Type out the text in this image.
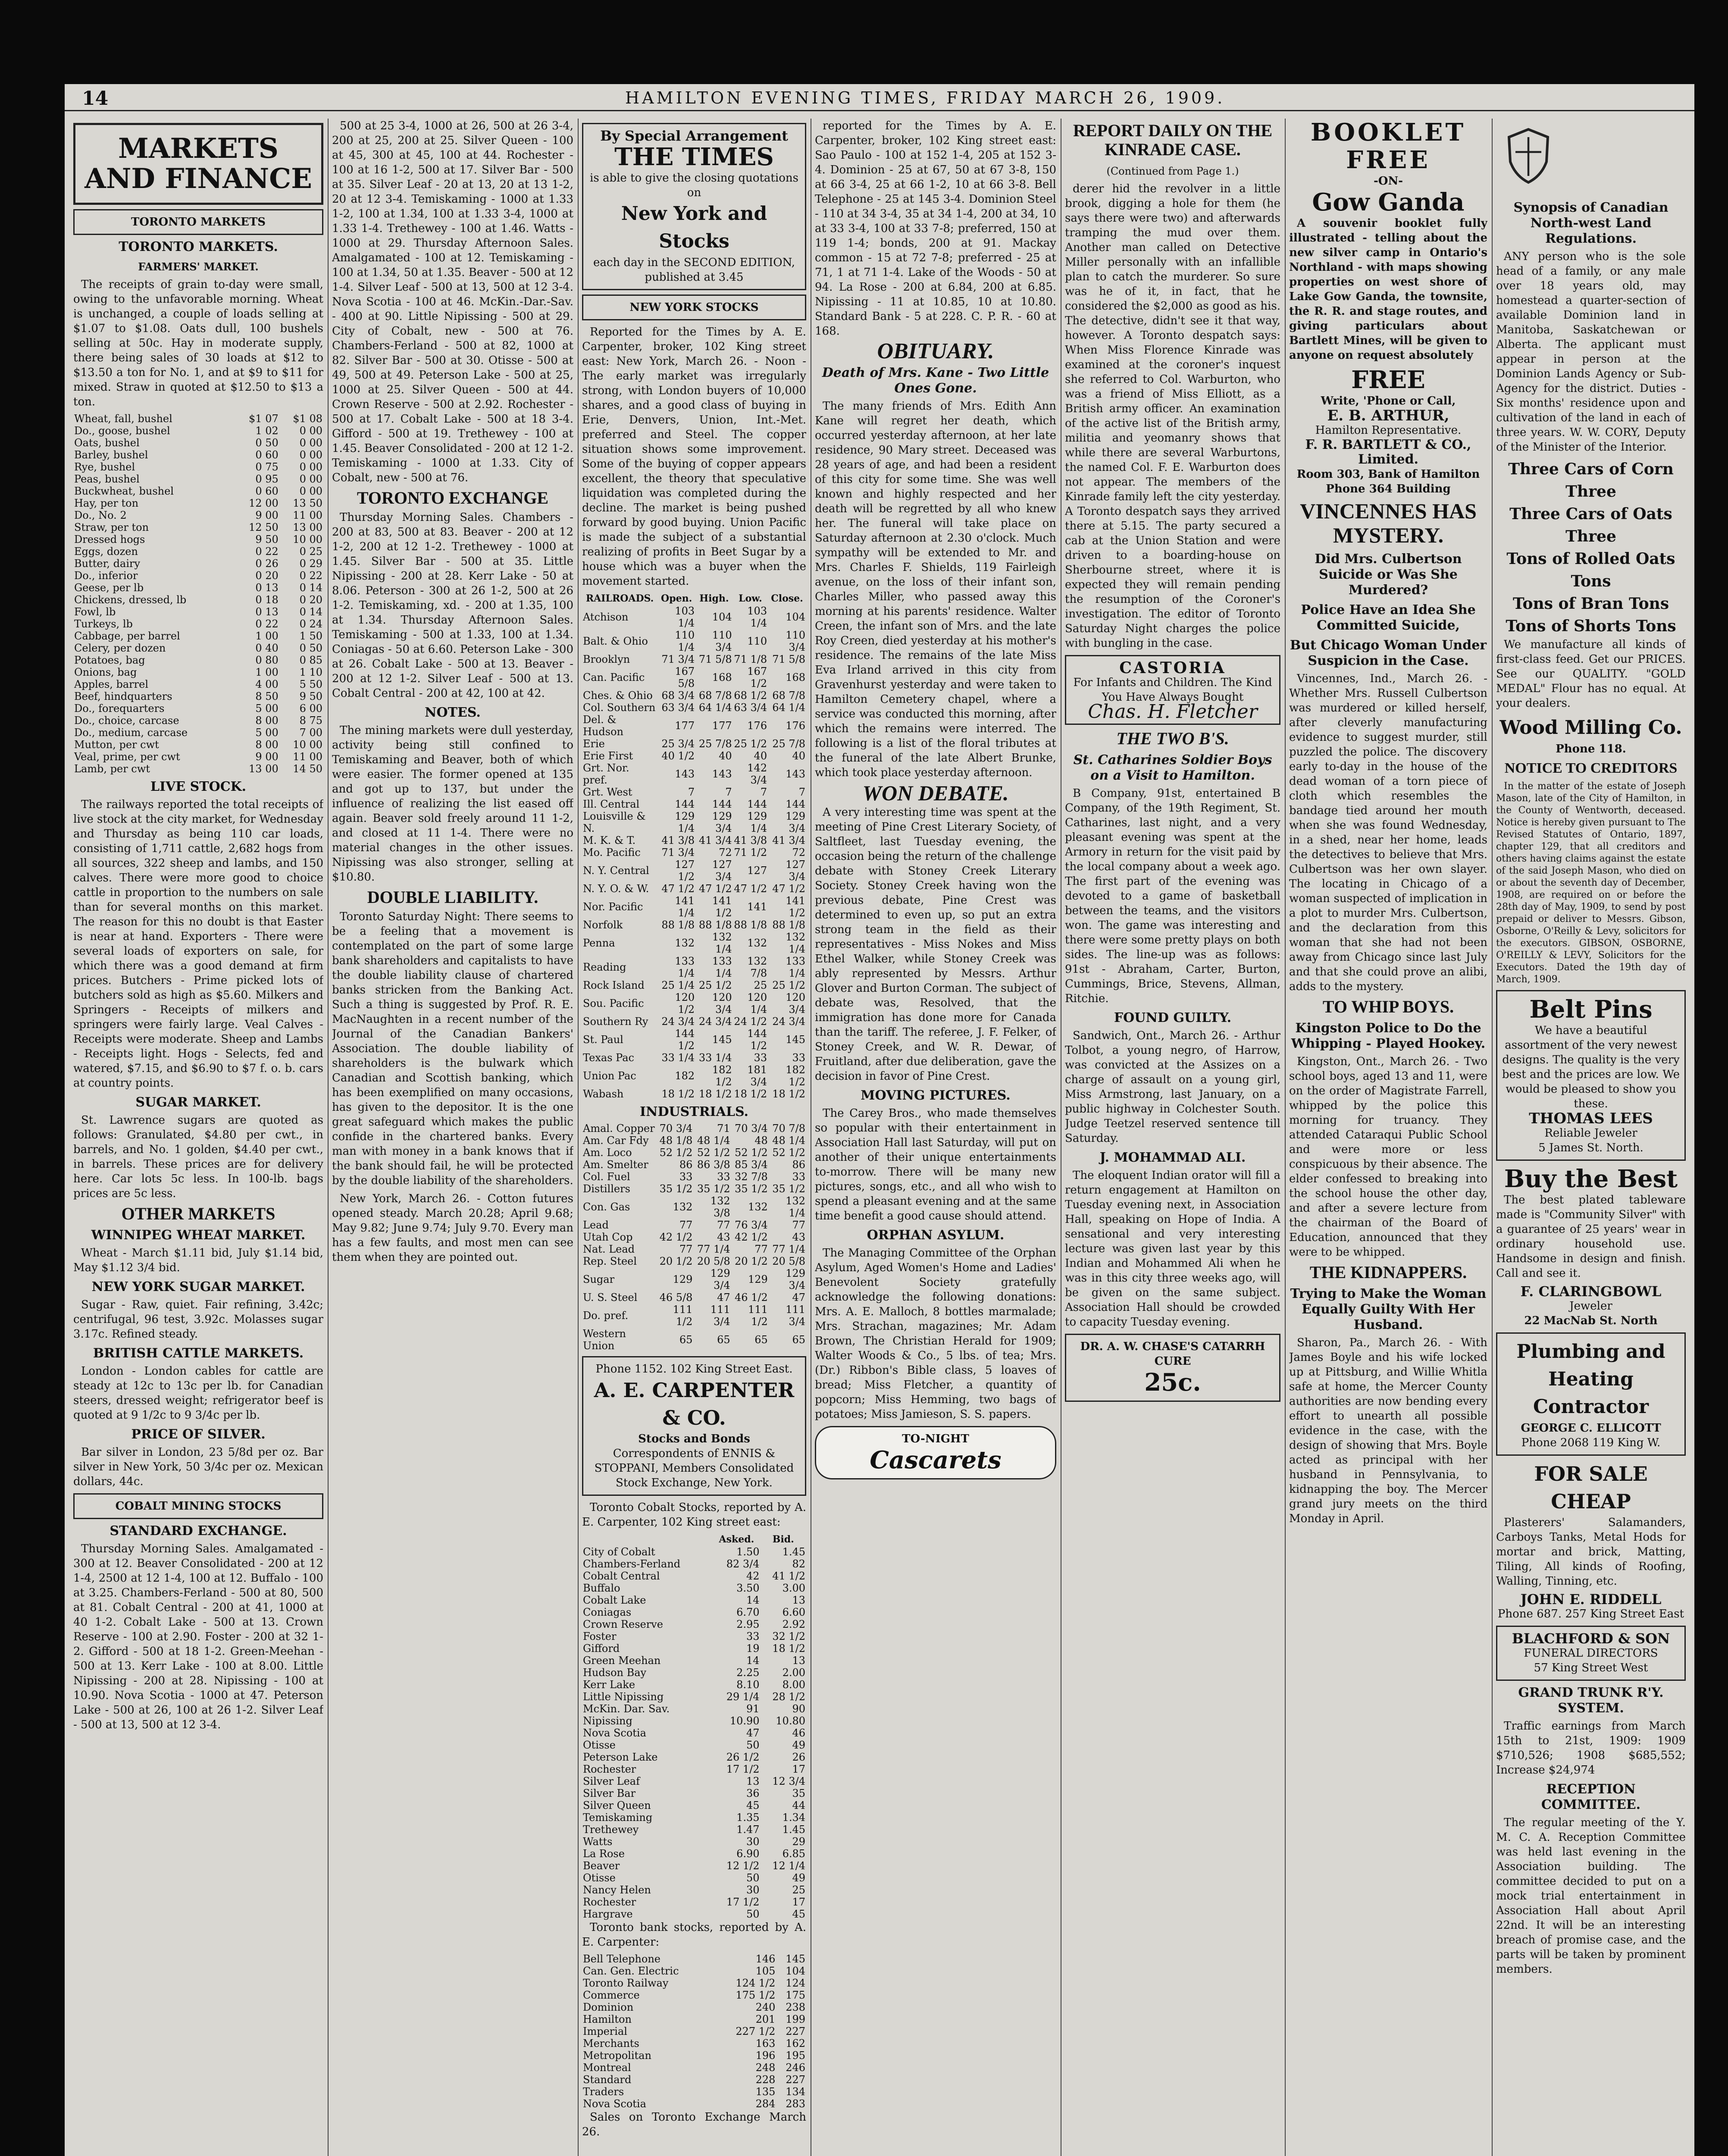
14	HAMILTON EVENING TIMES, FRIDAY MARCH 26, 1909.
MARKETS
AND FINANCE
TORONTO MARKETS
TORONTO MARKETS.
FARMERS' MARKET.

The receipts of grain to-day were small, owing to the unfavorable morning. Wheat is unchanged, a couple of loads selling at $1.07 to $1.08. Oats dull, 100 bushels selling at 50c. Hay in moderate supply, there being sales of 30 loads at $12 to $13.50 a ton for No. 1, and at $9 to $11 for mixed. Straw in quoted at $12.50 to $13 a ton.

Wheat, fall, bushel	$1 07	$1 08
Do., goose, bushel	1 02	0 00
Oats, bushel	0 50	0 00
Barley, bushel	0 60	0 00
Rye, bushel	0 75	0 00
Peas, bushel	0 95	0 00
Buckwheat, bushel	0 60	0 00
Hay, per ton	12 00	13 50
Do., No. 2	9 00	11 00
Straw, per ton	12 50	13 00
Dressed hogs	9 50	10 00
Eggs, dozen	0 22	0 25
Butter, dairy	0 26	0 29
Do., inferior	0 20	0 22
Geese, per lb	0 13	0 14
Chickens, dressed, lb	0 18	0 20
Fowl, lb	0 13	0 14
Turkeys, lb	0 22	0 24
Cabbage, per barrel	1 00	1 50
Celery, per dozen	0 40	0 50
Potatoes, bag	0 80	0 85
Onions, bag	1 00	1 10
Apples, barrel	4 00	5 50
Beef, hindquarters	8 50	9 50
Do., forequarters	5 00	6 00
Do., choice, carcase	8 00	8 75
Do., medium, carcase	5 00	7 00
Mutton, per cwt	8 00	10 00
Veal, prime, per cwt	9 00	11 00
Lamb, per cwt	13 00	14 50
LIVE STOCK.

The railways reported the total receipts of live stock at the city market, for Wednesday and Thursday as being 110 car loads, consisting of 1,711 cattle, 2,682 hogs from all sources, 322 sheep and lambs, and 150 calves. There were more good to choice cattle in proportion to the numbers on sale than for several months on this market. The reason for this no doubt is that Easter is near at hand. Exporters - There were several loads of exporters on sale, for which there was a good demand at firm prices. Butchers - Prime picked lots of butchers sold as high as $5.60. Milkers and Springers - Receipts of milkers and springers were fairly large. Veal Calves - Receipts were moderate. Sheep and Lambs - Receipts light. Hogs - Selects, fed and watered, $7.15, and $6.90 to $7 f. o. b. cars at country points.

SUGAR MARKET.

St. Lawrence sugars are quoted as follows: Granulated, $4.80 per cwt., in barrels, and No. 1 golden, $4.40 per cwt., in barrels. These prices are for delivery here. Car lots 5c less. In 100-lb. bags prices are 5c less.

OTHER MARKETS
WINNIPEG WHEAT MARKET.

Wheat - March $1.11 bid, July $1.14 bid, May $1.12 3/4 bid.

NEW YORK SUGAR MARKET.

Sugar - Raw, quiet. Fair refining, 3.42c; centrifugal, 96 test, 3.92c. Molasses sugar 3.17c. Refined steady.

BRITISH CATTLE MARKETS.

London - London cables for cattle are steady at 12c to 13c per lb. for Canadian steers, dressed weight; refrigerator beef is quoted at 9 1/2c to 9 3/4c per lb.

PRICE OF SILVER.

Bar silver in London, 23 5/8d per oz. Bar silver in New York, 50 3/4c per oz. Mexican dollars, 44c.

COBALT MINING STOCKS
STANDARD EXCHANGE.

Thursday Morning Sales. Amalgamated - 300 at 12. Beaver Consolidated - 200 at 12 1-4, 2500 at 12 1-4, 100 at 12. Buffalo - 100 at 3.25. Chambers-Ferland - 500 at 80, 500 at 81. Cobalt Central - 200 at 41, 1000 at 40 1-2. Cobalt Lake - 500 at 13. Crown Reserve - 100 at 2.90. Foster - 200 at 32 1-2. Gifford - 500 at 18 1-2. Green-Meehan - 500 at 13. Kerr Lake - 100 at 8.00. Little Nipissing - 200 at 28. Nipissing - 100 at 10.90. Nova Scotia - 1000 at 47. Peterson Lake - 500 at 26, 100 at 26 1-2. Silver Leaf - 500 at 13, 500 at 12 3-4.

500 at 25 3-4, 1000 at 26, 500 at 26 3-4, 200 at 25, 200 at 25. Silver Queen - 100 at 45, 300 at 45, 100 at 44. Rochester - 100 at 16 1-2, 500 at 17. Silver Bar - 500 at 35. Silver Leaf - 20 at 13, 20 at 13 1-2, 20 at 12 3-4. Temiskaming - 1000 at 1.33 1-2, 100 at 1.34, 100 at 1.33 3-4, 1000 at 1.33 1-4. Trethewey - 100 at 1.46. Watts - 1000 at 29. Thursday Afternoon Sales. Amalgamated - 100 at 12. Temiskaming - 100 at 1.34, 50 at 1.35. Beaver - 500 at 12 1-4. Silver Leaf - 500 at 13, 500 at 12 3-4. Nova Scotia - 100 at 46. McKin.-Dar.-Sav. - 400 at 90. Little Nipissing - 500 at 29. City of Cobalt, new - 500 at 76. Chambers-Ferland - 500 at 82, 1000 at 82. Silver Bar - 500 at 30. Otisse - 500 at 49, 500 at 49. Peterson Lake - 500 at 25, 1000 at 25. Silver Queen - 500 at 44. Crown Reserve - 500 at 2.92. Rochester - 500 at 17. Cobalt Lake - 500 at 18 3-4. Gifford - 500 at 19. Trethewey - 100 at 1.45. Beaver Consolidated - 200 at 12 1-2. Temiskaming - 1000 at 1.33. City of Cobalt, new - 500 at 76.

TORONTO EXCHANGE

Thursday Morning Sales. Chambers - 200 at 83, 500 at 83. Beaver - 200 at 12 1-2, 200 at 12 1-2. Trethewey - 1000 at 1.45. Silver Bar - 500 at 35. Little Nipissing - 200 at 28. Kerr Lake - 50 at 8.06. Peterson - 300 at 26 1-2, 500 at 26 1-2. Temiskaming, xd. - 200 at 1.35, 100 at 1.34. Thursday Afternoon Sales. Temiskaming - 500 at 1.33, 100 at 1.34. Coniagas - 50 at 6.60. Peterson Lake - 300 at 26. Cobalt Lake - 500 at 13. Beaver - 200 at 12 1-2. Silver Leaf - 500 at 13. Cobalt Central - 200 at 42, 100 at 42.

NOTES.

The mining markets were dull yesterday, activity being still confined to Temiskaming and Beaver, both of which were easier. The former opened at 135 and got up to 137, but under the influence of realizing the list eased off again. Beaver sold freely around 11 1-2, and closed at 11 1-4. There were no material changes in the other issues. Nipissing was also stronger, selling at $10.80.

DOUBLE LIABILITY.

Toronto Saturday Night: There seems to be a feeling that a movement is contemplated on the part of some large bank shareholders and capitalists to have the double liability clause of chartered banks stricken from the Banking Act. Such a thing is suggested by Prof. R. E. MacNaughten in a recent number of the Journal of the Canadian Bankers' Association. The double liability of shareholders is the bulwark which Canadian and Scottish banking, which has been exemplified on many occasions, has given to the depositor. It is the one great safeguard which makes the public confide in the chartered banks. Every man with money in a bank knows that if the bank should fail, he will be protected by the double liability of the shareholders.

New York, March 26. - Cotton futures opened steady. March 20.28; April 9.68; May 9.82; June 9.74; July 9.70. Every man has a few faults, and most men can see them when they are pointed out.

By Special Arrangement
THE TIMES
is able to give the closing quotations on
New York and Stocks
each day in the SECOND EDITION, published at 3.45
NEW YORK STOCKS

Reported for the Times by A. E. Carpenter, broker, 102 King street east: New York, March 26. - Noon - The early market was irregularly strong, with London buyers of 10,000 shares, and a good class of buying in Erie, Denvers, Union, Int.-Met. preferred and Steel. The copper situation shows some improvement. Some of the buying of copper appears excellent, the theory that speculative liquidation was completed during the decline. The market is being pushed forward by good buying. Union Pacific is made the subject of a substantial realizing of profits in Beet Sugar by a house which was a buyer when the movement started.

RAILROADS.	Open.	High.	Low.	Close.
Atchison	103 1/4	104	103 1/4	104
Balt. & Ohio	110 1/4	110 3/4	110	110 3/4
Brooklyn	71 3/4	71 5/8	71 1/8	71 5/8
Can. Pacific	167 5/8	168	167 1/2	168
Ches. & Ohio	68 3/4	68 7/8	68 1/2	68 7/8
Col. Southern	63 3/4	64 1/4	63 3/4	64 1/4
Del. & Hudson	177	177	176	176
Erie	25 3/4	25 7/8	25 1/2	25 7/8
Erie First	40 1/2	40	40	40
Grt. Nor. pref.	143	143	142 3/4	143
Grt. West	7	7	7	7
Ill. Central	144	144	144	144
Louisville & N.	129 1/4	129 3/4	129 1/4	129 3/4
M. K. & T.	41 3/8	41 3/4	41 3/8	41 3/4
Mo. Pacific	71 3/4	72	71 1/2	72
N. Y. Central	127 1/2	127 3/4	127	127 3/4
N. Y. O. & W.	47 1/2	47 1/2	47 1/2	47 1/2
Nor. Pacific	141 1/4	141 1/2	141	141 1/2
Norfolk	88 1/8	88 1/8	88 1/8	88 1/8
Penna	132	132 1/4	132	132 1/4
Reading	133 1/4	133 1/4	132 7/8	133 1/4
Rock Island	25 1/4	25 1/2	25	25 1/2
Sou. Pacific	120 1/2	120 3/4	120 1/4	120 3/4
Southern Ry	24 3/4	24 3/4	24 1/2	24 3/4
St. Paul	144 1/2	145	144 1/2	145
Texas Pac	33 1/4	33 1/4	33	33
Union Pac	182	182 1/2	181 3/4	182 1/2
Wabash	18 1/2	18 1/2	18 1/2	18 1/2
INDUSTRIALS.
Amal. Copper	70 3/4	71	70 3/4	70 7/8
Am. Car Fdy	48 1/8	48 1/4	48	48 1/4
Am. Loco	52 1/2	52 1/2	52 1/2	52 1/2
Am. Smelter	86	86 3/8	85 3/4	86
Col. Fuel	33	33	32 7/8	33
Distillers	35 1/2	35 1/2	35 1/2	35 1/2
Con. Gas	132	132 3/8	132	132 1/4
Lead	77	77	76 3/4	77
Utah Cop	42 1/2	43	42 1/2	43
Nat. Lead	77	77 1/4	77	77 1/4
Rep. Steel	20 1/2	20 5/8	20 1/2	20 5/8
Sugar	129	129 3/4	129	129 3/4
U. S. Steel	46 5/8	47	46 1/2	47
Do. pref.	111 1/2	111 3/4	111 1/2	111 3/4
Western Union	65	65	65	65
Phone 1152. 102 King Street East.
A. E. CARPENTER & CO.
Stocks and Bonds
Correspondents of ENNIS & STOPPANI, Members Consolidated Stock Exchange, New York.

Toronto Cobalt Stocks, reported by A. E. Carpenter, 102 King street east:

	Asked.	Bid.
City of Cobalt	1.50	1.45
Chambers-Ferland	82 3/4	82
Cobalt Central	42	41 1/2
Buffalo	3.50	3.00
Cobalt Lake	14	13
Coniagas	6.70	6.60
Crown Reserve	2.95	2.92
Foster	33	32 1/2
Gifford	19	18 1/2
Green Meehan	14	13
Hudson Bay	2.25	2.00
Kerr Lake	8.10	8.00
Little Nipissing	29 1/4	28 1/2
McKin. Dar. Sav.	91	90
Nipissing	10.90	10.80
Nova Scotia	47	46
Otisse	50	49
Peterson Lake	26 1/2	26
Rochester	17 1/2	17
Silver Leaf	13	12 3/4
Silver Bar	36	35
Silver Queen	45	44
Temiskaming	1.35	1.34
Trethewey	1.47	1.45
Watts	30	29
La Rose	6.90	6.85
Beaver	12 1/2	12 1/4
Otisse	50	49
Nancy Helen	30	25
Rochester	17 1/2	17
Hargrave	50	45

Toronto bank stocks, reported by A. E. Carpenter:

Bell Telephone	146	145
Can. Gen. Electric	105	104
Toronto Railway	124 1/2	124
Commerce	175 1/2	175
Dominion	240	238
Hamilton	201	199
Imperial	227 1/2	227
Merchants	163	162
Metropolitan	196	195
Montreal	248	246
Standard	228	227
Traders	135	134
Nova Scotia	284	283

Sales on Toronto Exchange March 26.

reported for the Times by A. E. Carpenter, broker, 102 King street east: Sao Paulo - 100 at 152 1-4, 205 at 152 3-4. Dominion - 25 at 67, 50 at 67 3-8, 150 at 66 3-4, 25 at 66 1-2, 10 at 66 3-8. Bell Telephone - 25 at 145 3-4. Dominion Steel - 110 at 34 3-4, 35 at 34 1-4, 200 at 34, 10 at 33 3-4, 100 at 33 7-8; preferred, 150 at 119 1-4; bonds, 200 at 91. Mackay common - 15 at 72 7-8; preferred - 25 at 71, 1 at 71 1-4. Lake of the Woods - 50 at 94. La Rose - 200 at 6.84, 200 at 6.85. Nipissing - 11 at 10.85, 10 at 10.80. Standard Bank - 5 at 228. C. P. R. - 60 at 168.

OBITUARY.
Death of Mrs. Kane - Two Little Ones Gone.

The many friends of Mrs. Edith Ann Kane will regret her death, which occurred yesterday afternoon, at her late residence, 90 Mary street. Deceased was 28 years of age, and had been a resident of this city for some time. She was well known and highly respected and her death will be regretted by all who knew her. The funeral will take place on Saturday afternoon at 2.30 o'clock. Much sympathy will be extended to Mr. and Mrs. Charles F. Shields, 119 Fairleigh avenue, on the loss of their infant son, Charles Miller, who passed away this morning at his parents' residence. Walter Creen, the infant son of Mrs. and the late Roy Creen, died yesterday at his mother's residence. The remains of the late Miss Eva Irland arrived in this city from Gravenhurst yesterday and were taken to Hamilton Cemetery chapel, where a service was conducted this morning, after which the remains were interred. The following is a list of the floral tributes at the funeral of the late Albert Brunke, which took place yesterday afternoon.

WON DEBATE.

A very interesting time was spent at the meeting of Pine Crest Literary Society, of Saltfleet, last Tuesday evening, the occasion being the return of the challenge debate with Stoney Creek Literary Society. Stoney Creek having won the previous debate, Pine Crest was determined to even up, so put an extra strong team in the field as their representatives - Miss Nokes and Miss Ethel Walker, while Stoney Creek was ably represented by Messrs. Arthur Glover and Burton Corman. The subject of debate was, Resolved, that the immigration has done more for Canada than the tariff. The referee, J. F. Felker, of Stoney Creek, and W. R. Dewar, of Fruitland, after due deliberation, gave the decision in favor of Pine Crest.

MOVING PICTURES.

The Carey Bros., who made themselves so popular with their entertainment in Association Hall last Saturday, will put on another of their unique entertainments to-morrow. There will be many new pictures, songs, etc., and all who wish to spend a pleasant evening and at the same time benefit a good cause should attend.

ORPHAN ASYLUM.

The Managing Committee of the Orphan Asylum, Aged Women's Home and Ladies' Benevolent Society gratefully acknowledge the following donations: Mrs. A. E. Malloch, 8 bottles marmalade; Mrs. Strachan, magazines; Mr. Adam Brown, The Christian Herald for 1909; Walter Woods & Co., 5 lbs. of tea; Mrs. (Dr.) Ribbon's Bible class, 5 loaves of bread; Miss Fletcher, a quantity of popcorn; Miss Hemming, two bags of potatoes; Miss Jamieson, S. S. papers.

TO-NIGHT
Cascarets
REPORT DAILY ON THE KINRADE CASE.
(Continued from Page 1.)

derer hid the revolver in a little brook, digging a hole for them (he says there were two) and afterwards tramping the mud over them. Another man called on Detective Miller personally with an infallible plan to catch the murderer. So sure was he of it, in fact, that he considered the $2,000 as good as his. The detective, didn't see it that way, however. A Toronto despatch says: When Miss Florence Kinrade was examined at the coroner's inquest she referred to Col. Warburton, who was a friend of Miss Elliott, as a British army officer. An examination of the active list of the British army, militia and yeomanry shows that while there are several Warburtons, the named Col. F. E. Warburton does not appear. The members of the Kinrade family left the city yesterday. A Toronto despatch says they arrived there at 5.15. The party secured a cab at the Union Station and were driven to a boarding-house on Sherbourne street, where it is expected they will remain pending the resumption of the Coroner's investigation. The editor of Toronto Saturday Night charges the police with bungling in the case.

CASTORIA
For Infants and Children. The Kind You Have Always Bought
Chas. H. Fletcher
THE TWO B'S.
St. Catharines Soldier Boys on a Visit to Hamilton.

B Company, 91st, entertained B Company, of the 19th Regiment, St. Catharines, last night, and a very pleasant evening was spent at the Armory in return for the visit paid by the local company about a week ago. The first part of the evening was devoted to a game of basketball between the teams, and the visitors won. The game was interesting and there were some pretty plays on both sides. The line-up was as follows: 91st - Abraham, Carter, Burton, Cummings, Brice, Stevens, Allman, Ritchie.

FOUND GUILTY.

Sandwich, Ont., March 26. - Arthur Tolbot, a young negro, of Harrow, was convicted at the Assizes on a charge of assault on a young girl, Miss Armstrong, last January, on a public highway in Colchester South. Judge Teetzel reserved sentence till Saturday.

J. MOHAMMAD ALI.

The eloquent Indian orator will fill a return engagement at Hamilton on Tuesday evening next, in Association Hall, speaking on Hope of India. A sensational and very interesting lecture was given last year by this Indian and Mohammed Ali when he was in this city three weeks ago, will be given on the same subject. Association Hall should be crowded to capacity Tuesday evening.

DR. A. W. CHASE'S CATARRH CURE
25c.
BOOKLET FREE
-ON-
Gow Ganda

A souvenir booklet fully illustrated - telling about the new silver camp in Ontario's Northland - with maps showing properties on west shore of Lake Gow Ganda, the townsite, the R. R. and stage routes, and giving particulars about Bartlett Mines, will be given to anyone on request absolutely

FREE
Write, 'Phone or Call,
E. B. ARTHUR,
Hamilton Representative.
F. R. BARTLETT & CO., Limited.
Room 303, Bank of Hamilton
Phone 364 Building
VINCENNES HAS MYSTERY.
Did Mrs. Culbertson Suicide or Was She Murdered?
Police Have an Idea She Committed Suicide,
But Chicago Woman Under Suspicion in the Case.

Vincennes, Ind., March 26. - Whether Mrs. Russell Culbertson was murdered or killed herself, after cleverly manufacturing evidence to suggest murder, still puzzled the police. The discovery early to-day in the house of the dead woman of a torn piece of cloth which resembles the bandage tied around her mouth when she was found Wednesday, in a shed, near her home, leads the detectives to believe that Mrs. Culbertson was her own slayer. The locating in Chicago of a woman suspected of implication in a plot to murder Mrs. Culbertson, and the declaration from this woman that she had not been away from Chicago since last July and that she could prove an alibi, adds to the mystery.

TO WHIP BOYS.
Kingston Police to Do the Whipping - Played Hookey.

Kingston, Ont., March 26. - Two school boys, aged 13 and 11, were on the order of Magistrate Farrell, whipped by the police this morning for truancy. They attended Cataraqui Public School and were more or less conspicuous by their absence. The elder confessed to breaking into the school house the other day, and after a severe lecture from the chairman of the Board of Education, announced that they were to be whipped.

THE KIDNAPPERS.
Trying to Make the Woman Equally Guilty With Her Husband.

Sharon, Pa., March 26. - With James Boyle and his wife locked up at Pittsburg, and Willie Whitla safe at home, the Mercer County authorities are now bending every effort to unearth all possible evidence in the case, with the design of showing that Mrs. Boyle acted as principal with her husband in Pennsylvania, to kidnapping the boy. The Mercer grand jury meets on the third Monday in April.

Synopsis of Canadian North-west Land Regulations.

ANY person who is the sole head of a family, or any male over 18 years old, may homestead a quarter-section of available Dominion land in Manitoba, Saskatchewan or Alberta. The applicant must appear in person at the Dominion Lands Agency or Sub-Agency for the district. Duties - Six months' residence upon and cultivation of the land in each of three years. W. W. CORY, Deputy of the Minister of the Interior.

Three Cars of Corn Three
Three Cars of Oats Three
Tons of Rolled Oats Tons
Tons of Bran Tons
Tons of Shorts Tons

We manufacture all kinds of first-class feed. Get our PRICES. See our QUALITY. "GOLD MEDAL" Flour has no equal. At your dealers.

Wood Milling Co.
Phone 118.
NOTICE TO CREDITORS

In the matter of the estate of Joseph Mason, late of the City of Hamilton, in the County of Wentworth, deceased. Notice is hereby given pursuant to The Revised Statutes of Ontario, 1897, chapter 129, that all creditors and others having claims against the estate of the said Joseph Mason, who died on or about the seventh day of December, 1908, are required on or before the 28th day of May, 1909, to send by post prepaid or deliver to Messrs. Gibson, Osborne, O'Reilly & Levy, solicitors for the executors. GIBSON, OSBORNE, O'REILLY & LEVY, Solicitors for the Executors. Dated the 19th day of March, 1909.

Belt Pins
We have a beautiful assortment of the very newest designs. The quality is the very best and the prices are low. We would be pleased to show you these.
THOMAS LEES
Reliable Jeweler
5 James St. North.
Buy the Best

The best plated tableware made is "Community Silver" with a guarantee of 25 years' wear in ordinary household use. Handsome in design and finish. Call and see it.

F. CLARINGBOWL
Jeweler
22 MacNab St. North
Plumbing and Heating Contractor
GEORGE C. ELLICOTT
Phone 2068 119 King W.
FOR SALE CHEAP

Plasterers' Salamanders, Carboys Tanks, Metal Hods for mortar and brick, Matting, Tiling, All kinds of Roofing, Walling, Tinning, etc.

JOHN E. RIDDELL
Phone 687. 257 King Street East
BLACHFORD & SON
FUNERAL DIRECTORS
57 King Street West
GRAND TRUNK R'Y. SYSTEM.

Traffic earnings from March 15th to 21st, 1909: 1909 $710,526; 1908 $685,552; Increase $24,974

RECEPTION COMMITTEE.

The regular meeting of the Y. M. C. A. Reception Committee was held last evening in the Association building. The committee decided to put on a mock trial entertainment in Association Hall about April 22nd. It will be an interesting breach of promise case, and the parts will be taken by prominent members.
